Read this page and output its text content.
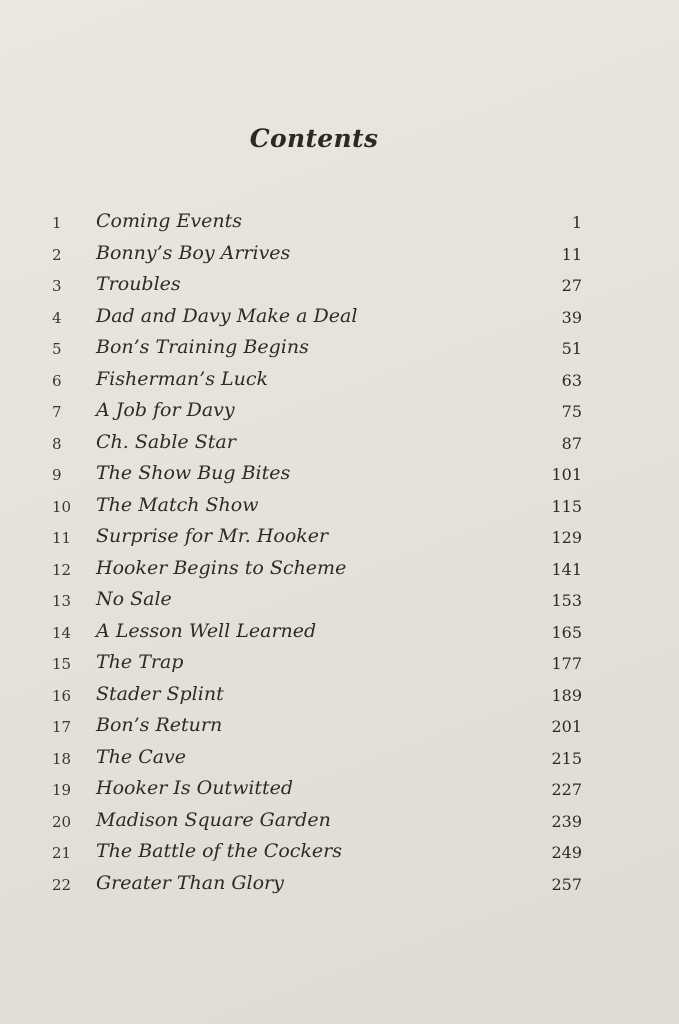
Contents
1	Coming Events	1
2	Bonny’s Boy Arrives	11
3	Troubles	27
4	Dad and Davy Make a Deal	39
5	Bon’s Training Begins	51
6	Fisherman’s Luck	63
7	A Job for Davy	75
8	Ch. Sable Star	87
9	The Show Bug Bites	101
10	The Match Show	115
11	Surprise for Mr. Hooker	129
12	Hooker Begins to Scheme	141
13	No Sale	153
14	A Lesson Well Learned	165
15	The Trap	177
16	Stader Splint	189
17	Bon’s Return	201
18	The Cave	215
19	Hooker Is Outwitted	227
20	Madison Square Garden	239
21	The Battle of the Cockers	249
22	Greater Than Glory	257
